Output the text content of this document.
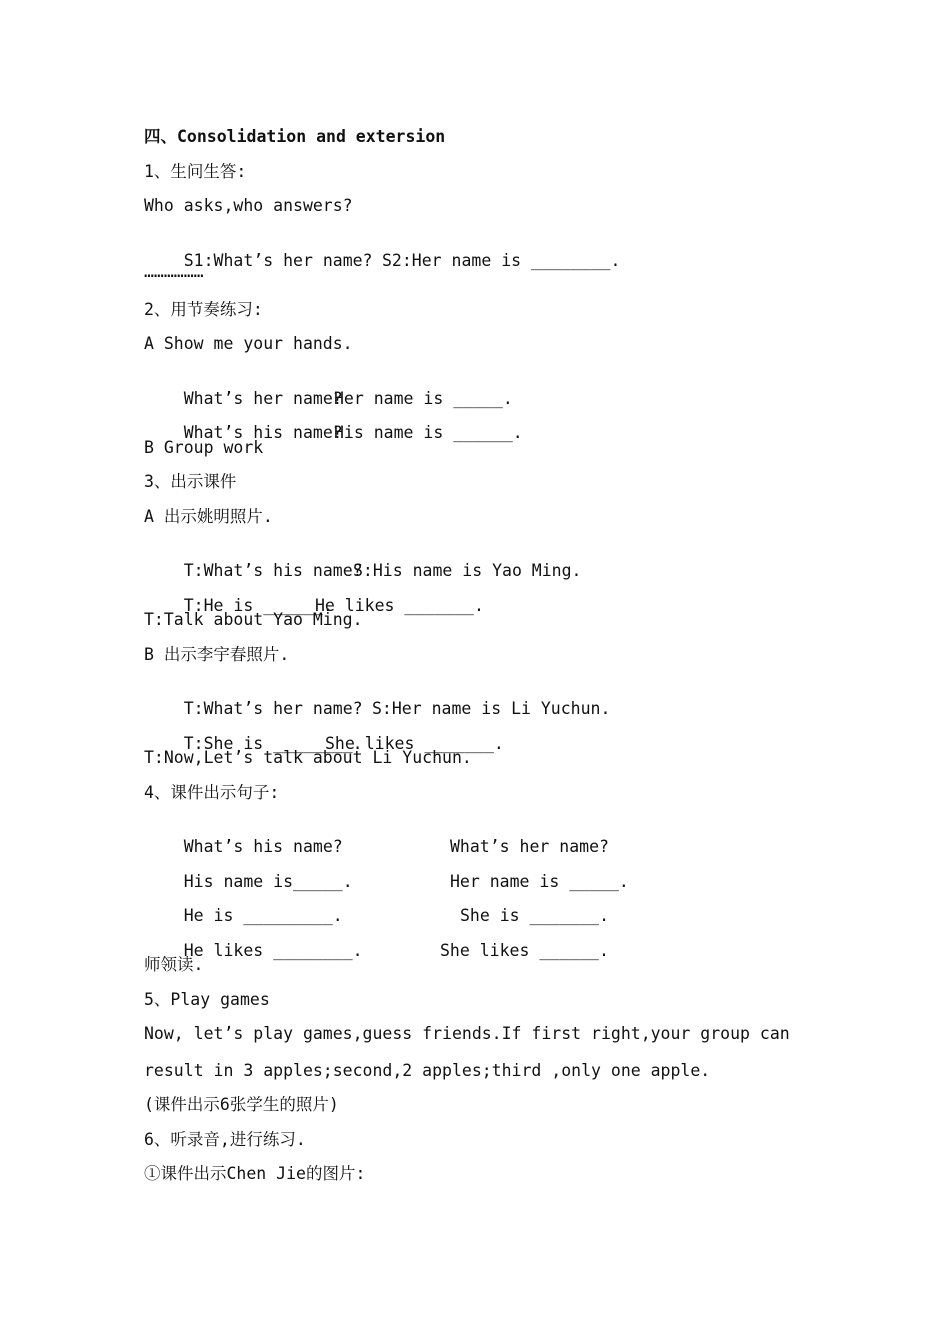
四、Consolidation and extersion
1、生问生答:
Who asks,who answers?

S1:What’s her name? S2:Her name is ________.

………………
2、用节奏练习:
A Show me your hands.

What’s her name?
Her name is _____.

What’s his name?
His name is ______.

B Group work
3、出示课件
A 出示姚明照片.

T:What’s his name?
S:His name is Yao Ming.

T:He is ______.
He likes _______.

T:Talk about Yao Ming.
B 出示李宇春照片.

T:What’s her name? S:Her name is Li Yuchun.

T:She is ________.
She likes _______.

T:Now,Let’s talk about Li Yuchun.
4、课件出示句子:

What’s his name?	What’s her name?

His name is_____.	Her name is _____.

He is _________.	She is _______.

He likes ________.	She likes ______.

师领读.
5、Play games
Now, let’s play games,guess friends.If first right,your group can
result in 3 apples;second,2 apples;third ,only one apple.
(课件出示6张学生的照片)
6、听录音,进行练习.
①课件出示Chen Jie的图片:
